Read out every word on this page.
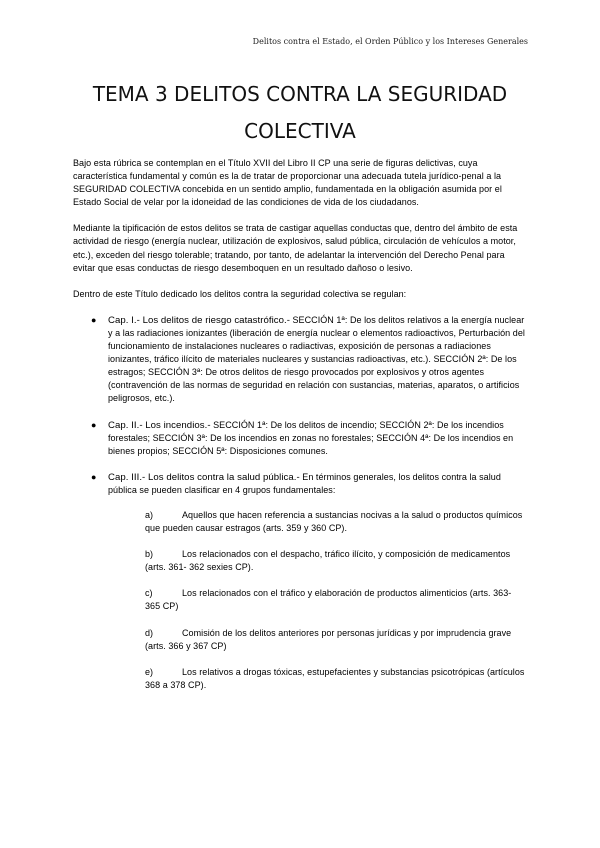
Delitos contra el Estado, el Orden Público y los Intereses Generales
TEMA 3 DELITOS CONTRA LA SEGURIDAD
COLECTIVA

Bajo esta rúbrica se contemplan en el Título XVII del Libro II CP una serie de figuras delictivas, cuya característica fundamental y común es la de tratar de proporcionar una adecuada tutela jurídico-penal a la SEGURIDAD COLECTIVA concebida en un sentido amplio, fundamentada en la obligación asumida por el Estado Social de velar por la idoneidad de las condiciones de vida de los ciudadanos.

Mediante la tipificación de estos delitos se trata de castigar aquellas conductas que, dentro del ámbito de esta actividad de riesgo (energía nuclear, utilización de explosivos, salud pública, circulación de vehículos a motor, etc.), exceden del riesgo tolerable; tratando, por tanto, de adelantar la intervención del Derecho Penal para evitar que esas conductas de riesgo desemboquen en un resultado dañoso o lesivo.

Dentro de este Título dedicado los delitos contra la seguridad colectiva se regulan:

● Cap. I.- Los delitos de riesgo catastrófico.- SECCIÓN 1ª: De los delitos relativos a la energía nuclear y a las radiaciones ionizantes (liberación de energía nuclear o elementos radioactivos, Perturbación del funcionamiento de instalaciones nucleares o radiactivas, exposición de personas a radiaciones ionizantes, tráfico ilícito de materiales nucleares y sustancias radioactivas, etc.). SECCIÓN 2ª: De los estragos; SECCIÓN 3ª: De otros delitos de riesgo provocados por explosivos y otros agentes (contravención de las normas de seguridad en relación con sustancias, materias, aparatos, o artificios peligrosos, etc.).
● Cap. II.- Los incendios.- SECCIÓN 1ª: De los delitos de incendio; SECCIÓN 2ª: De los incendios forestales; SECCIÓN 3ª: De los incendios en zonas no forestales; SECCIÓN 4ª: De los incendios en bienes propios; SECCIÓN 5ª: Disposiciones comunes.
● Cap. III.- Los delitos contra la salud pública.- En términos generales, los delitos contra la salud pública se pueden clasificar en 4 grupos fundamentales:
a)	Aquellos que hacen referencia a sustancias nocivas a la salud o productos químicos que pueden causar estragos (arts. 359 y 360 CP).
b)	Los relacionados con el despacho, tráfico ilícito, y composición de medicamentos (arts. 361- 362 sexies CP).
c)	Los relacionados con el tráfico y elaboración de productos alimenticios (arts. 363- 365 CP)
d)	Comisión de los delitos anteriores por personas jurídicas y por imprudencia grave (arts. 366 y 367 CP)
e)	Los relativos a drogas tóxicas, estupefacientes y substancias psicotrópicas (artículos 368 a 378 CP).
